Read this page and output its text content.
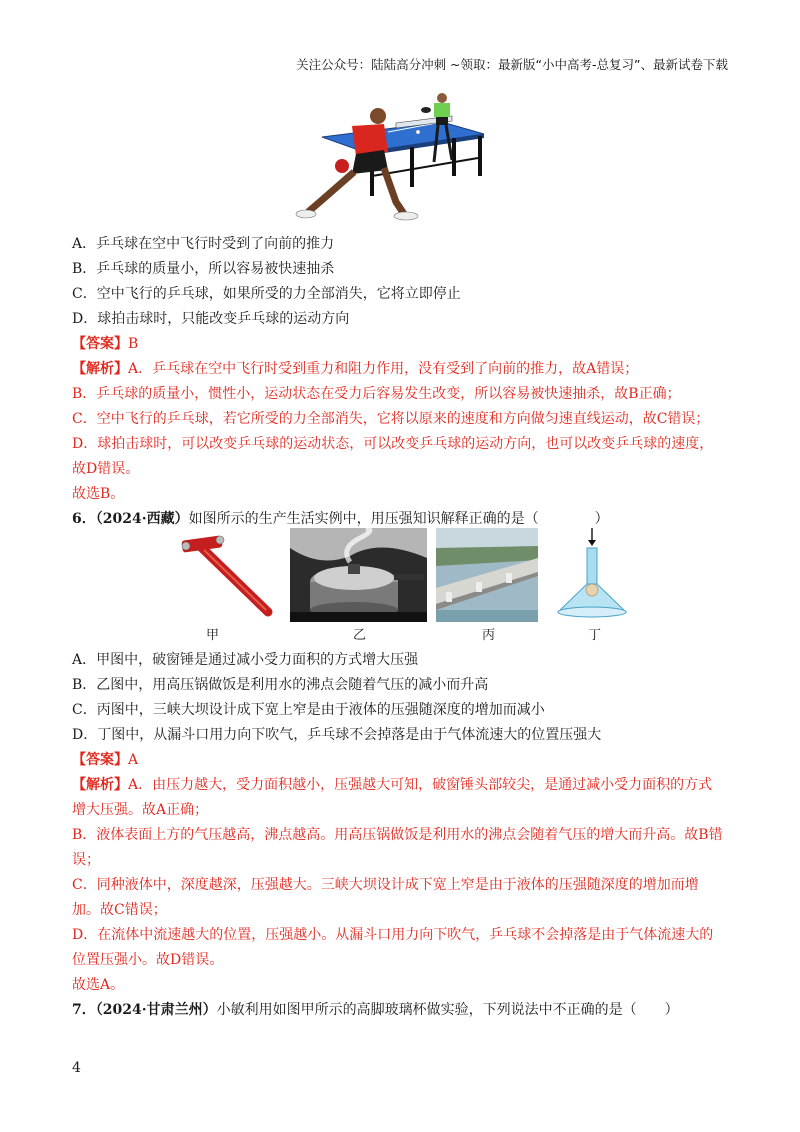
关注公众号：陆陆高分冲刺 ~领取：最新版“小中高考-总复习”、最新试卷下载
A．乒乓球在空中飞行时受到了向前的推力
B．乒乓球的质量小，所以容易被快速抽杀
C．空中飞行的乒乓球，如果所受的力全部消失，它将立即停止
D．球拍击球时，只能改变乒乓球的运动方向
【答案】B
【解析】A．乒乓球在空中飞行时受到重力和阻力作用，没有受到了向前的推力，故A错误；
B．乒乓球的质量小，惯性小，运动状态在受力后容易发生改变，所以容易被快速抽杀，故B正确；
C．空中飞行的乒乓球，若它所受的力全部消失，它将以原来的速度和方向做匀速直线运动，故C错误；
D．球拍击球时，可以改变乒乓球的运动状态，可以改变乒乓球的运动方向，也可以改变乒乓球的速度，
故D错误。
故选B。
6．（2024·西藏）如图所示的生产生活实例中，用压强知识解释正确的是（　　　　）
甲	乙	丙	丁
A．甲图中，破窗锤是通过减小受力面积的方式增大压强
B．乙图中，用高压锅做饭是利用水的沸点会随着气压的减小而升高
C．丙图中，三峡大坝设计成下宽上窄是由于液体的压强随深度的增加而减小
D．丁图中，从漏斗口用力向下吹气，乒乓球不会掉落是由于气体流速大的位置压强大
【答案】A
【解析】A．由压力越大，受力面积越小，压强越大可知，破窗锤头部较尖，是通过减小受力面积的方式
增大压强。故A正确；
B．液体表面上方的气压越高，沸点越高。用高压锅做饭是利用水的沸点会随着气压的增大而升高。故B错
误；
C．同种液体中，深度越深，压强越大。三峡大坝设计成下宽上窄是由于液体的压强随深度的增加而增
加。故C错误；
D．在流体中流速越大的位置，压强越小。从漏斗口用力向下吹气，乒乓球不会掉落是由于气体流速大的
位置压强小。故D错误。
故选A。
7．（2024·甘肃兰州）小敏利用如图甲所示的高脚玻璃杯做实验，下列说法中不正确的是（　　）
4
